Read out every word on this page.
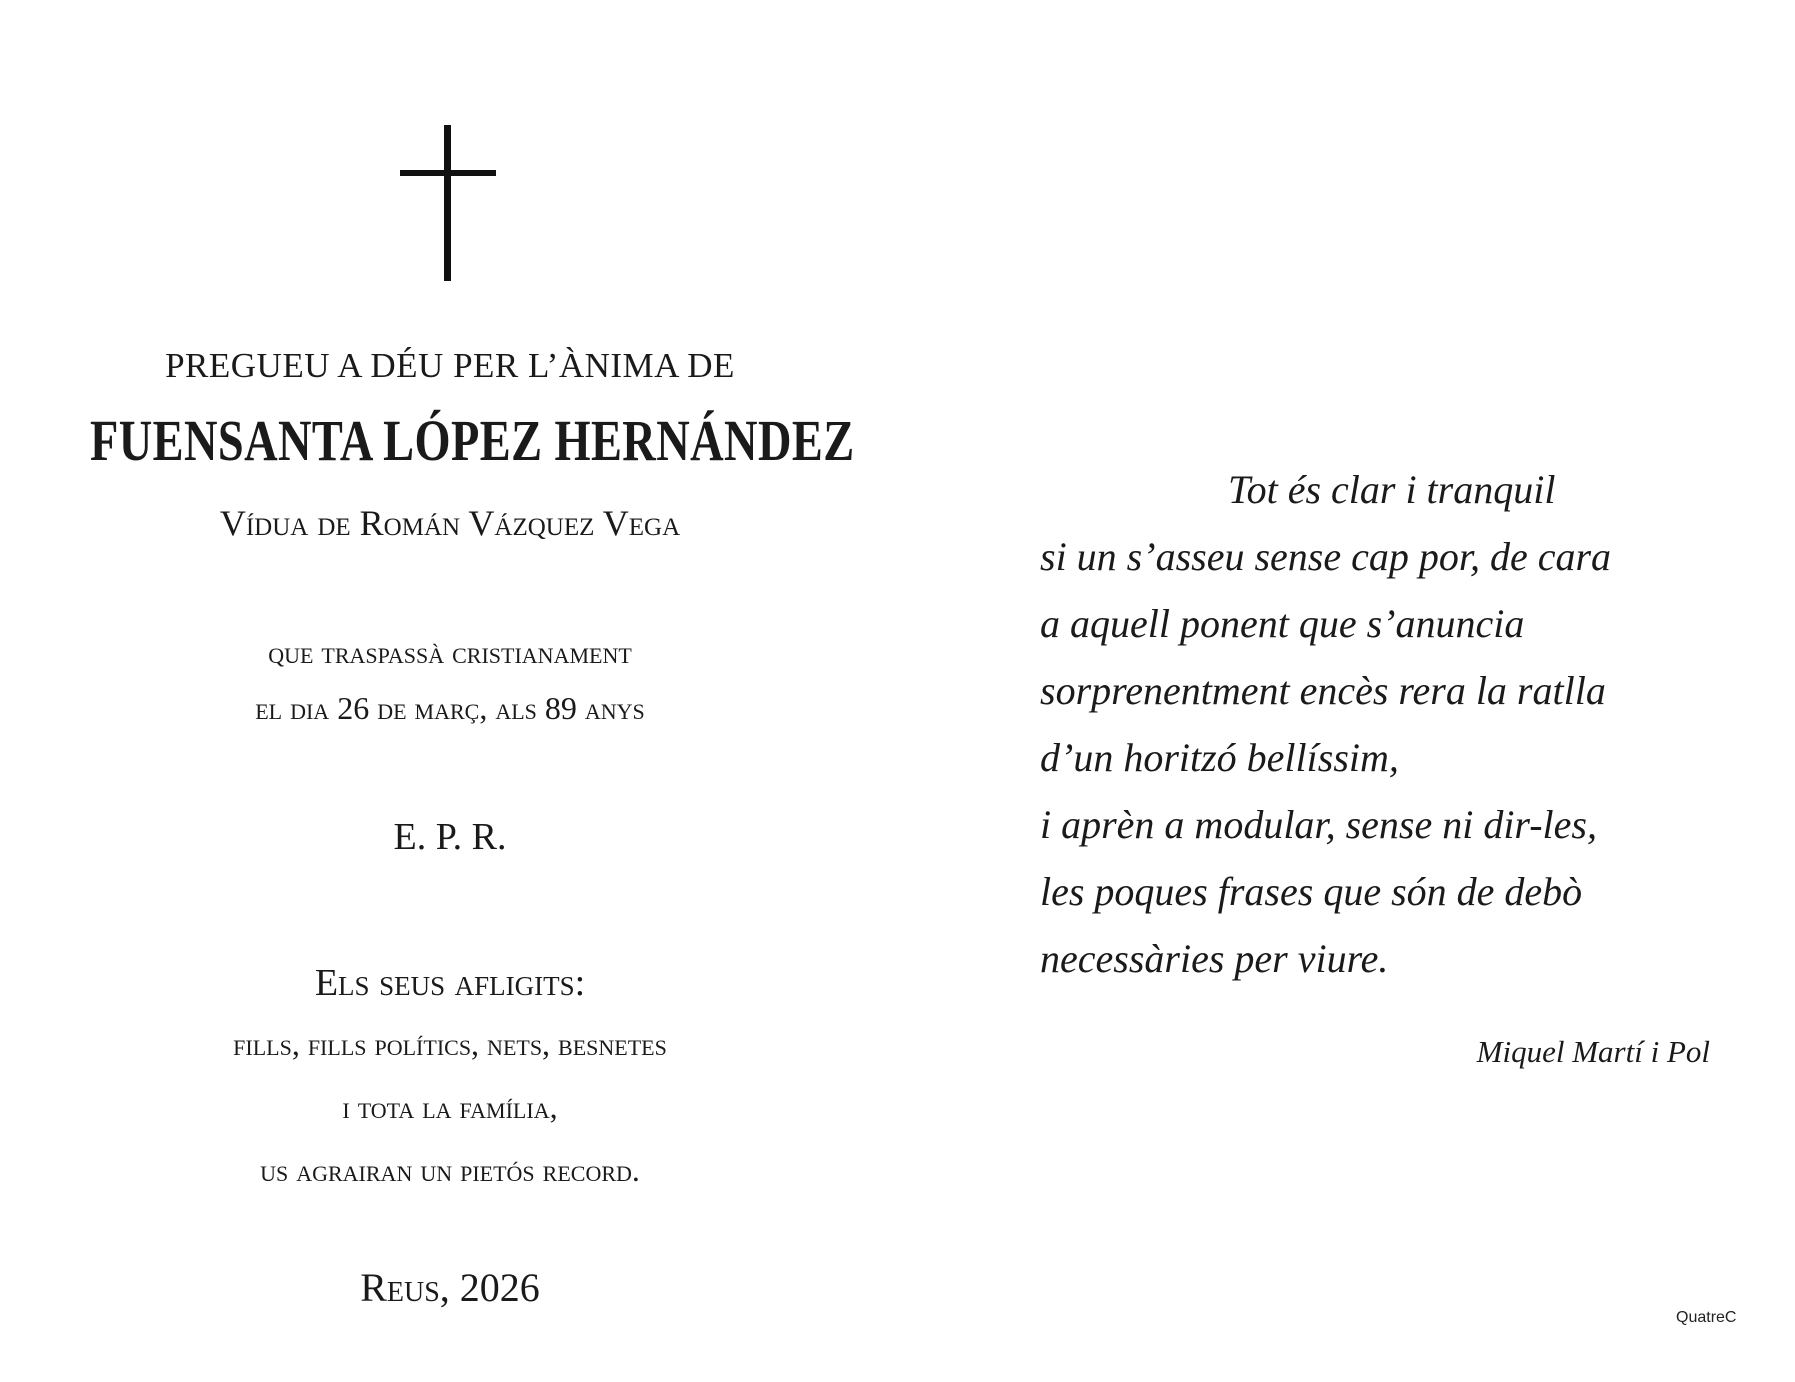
PREGUEU A DÉU PER L’ÀNIMA DE
FUENSANTA LÓPEZ HERNÁNDEZ
Vídua de Román Vázquez Vega
que traspassà cristianament
el dia 26 de març, als 89 anys
E. P. R.
Els seus afligits:
fills, fills polítics, nets, besnetes
i tota la família,
us agrairan un pietós record.
Reus, 2026
Tot és clar i tranquil
si un s’asseu sense cap por, de cara
a aquell ponent que s’anuncia
sorprenentment encès rera la ratlla
d’un horitzó bellíssim,
i aprèn a modular, sense ni dir-les,
les poques frases que són de debò
necessàries per viure.
Miquel Martí i Pol
QuatreC
